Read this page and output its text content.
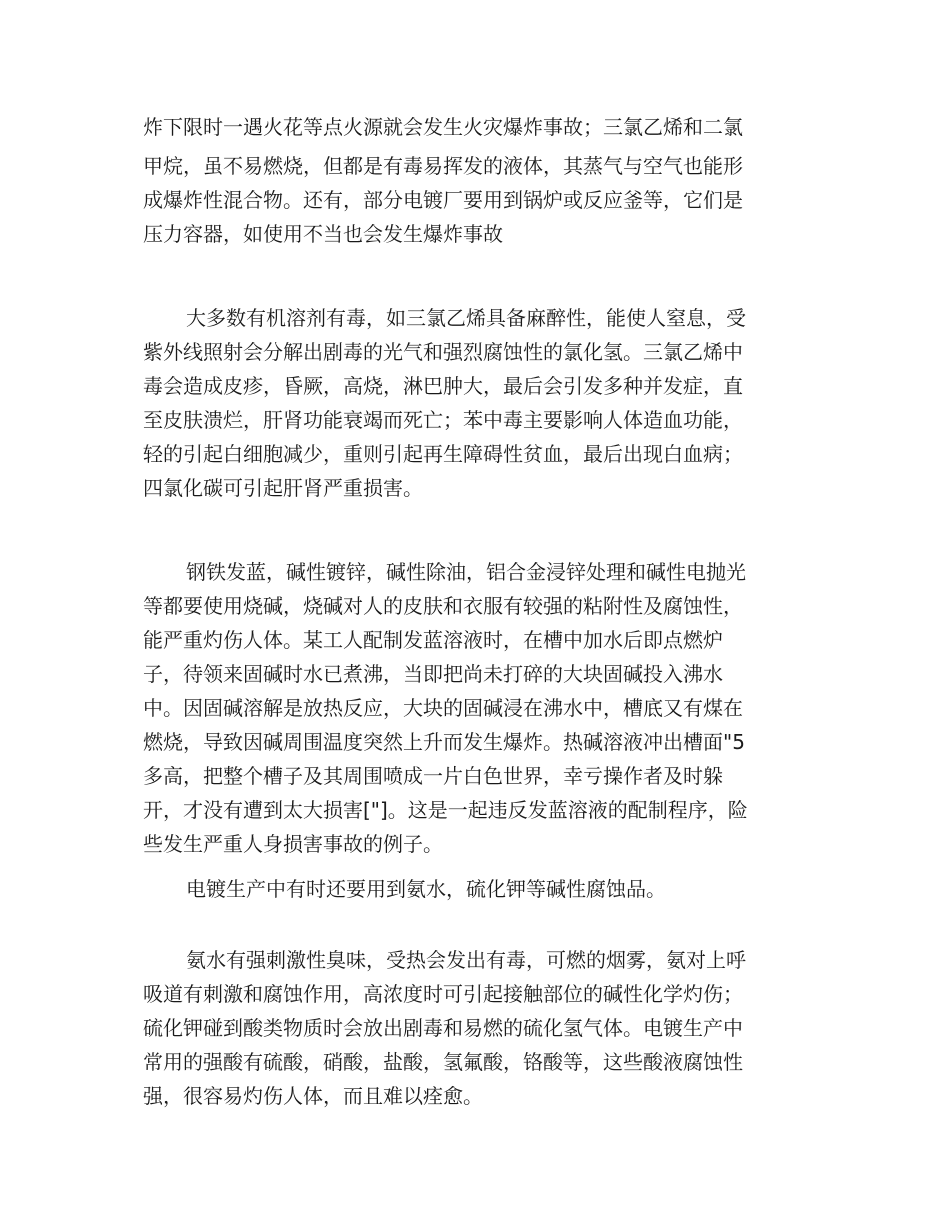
炸下限时一遇火花等点火源就会发生火灾爆炸事故；三氯乙烯和二氯
甲烷，虽不易燃烧，但都是有毒易挥发的液体，其蒸气与空气也能形
成爆炸性混合物。还有，部分电镀厂要用到锅炉或反应釜等，它们是
压力容器，如使用不当也会发生爆炸事故
大多数有机溶剂有毒，如三氯乙烯具备麻醉性，能使人窒息，受
紫外线照射会分解出剧毒的光气和强烈腐蚀性的氯化氢。三氯乙烯中
毒会造成皮疹，昏厥，高烧，淋巴肿大，最后会引发多种并发症，直
至皮肤溃烂，肝肾功能衰竭而死亡；苯中毒主要影响人体造血功能，
轻的引起白细胞减少，重则引起再生障碍性贫血，最后出现白血病；
四氯化碳可引起肝肾严重损害。
钢铁发蓝，碱性镀锌，碱性除油，铝合金浸锌处理和碱性电抛光
等都要使用烧碱，烧碱对人的皮肤和衣服有较强的粘附性及腐蚀性，
能严重灼伤人体。某工人配制发蓝溶液时，在槽中加水后即点燃炉
子，待领来固碱时水已煮沸，当即把尚未打碎的大块固碱投入沸水
中。因固碱溶解是放热反应，大块的固碱浸在沸水中，槽底又有煤在
燃烧，导致因碱周围温度突然上升而发生爆炸。热碱溶液冲出槽面"5
多高，把整个槽子及其周围喷成一片白色世界，幸亏操作者及时躲
开，才没有遭到太大损害["]。这是一起违反发蓝溶液的配制程序，险
些发生严重人身损害事故的例子。
电镀生产中有时还要用到氨水，硫化钾等碱性腐蚀品。
氨水有强刺激性臭味，受热会发出有毒，可燃的烟雾，氨对上呼
吸道有刺激和腐蚀作用，高浓度时可引起接触部位的碱性化学灼伤；
硫化钾碰到酸类物质时会放出剧毒和易燃的硫化氢气体。电镀生产中
常用的强酸有硫酸，硝酸，盐酸，氢氟酸，铬酸等，这些酸液腐蚀性
强，很容易灼伤人体，而且难以痊愈。
